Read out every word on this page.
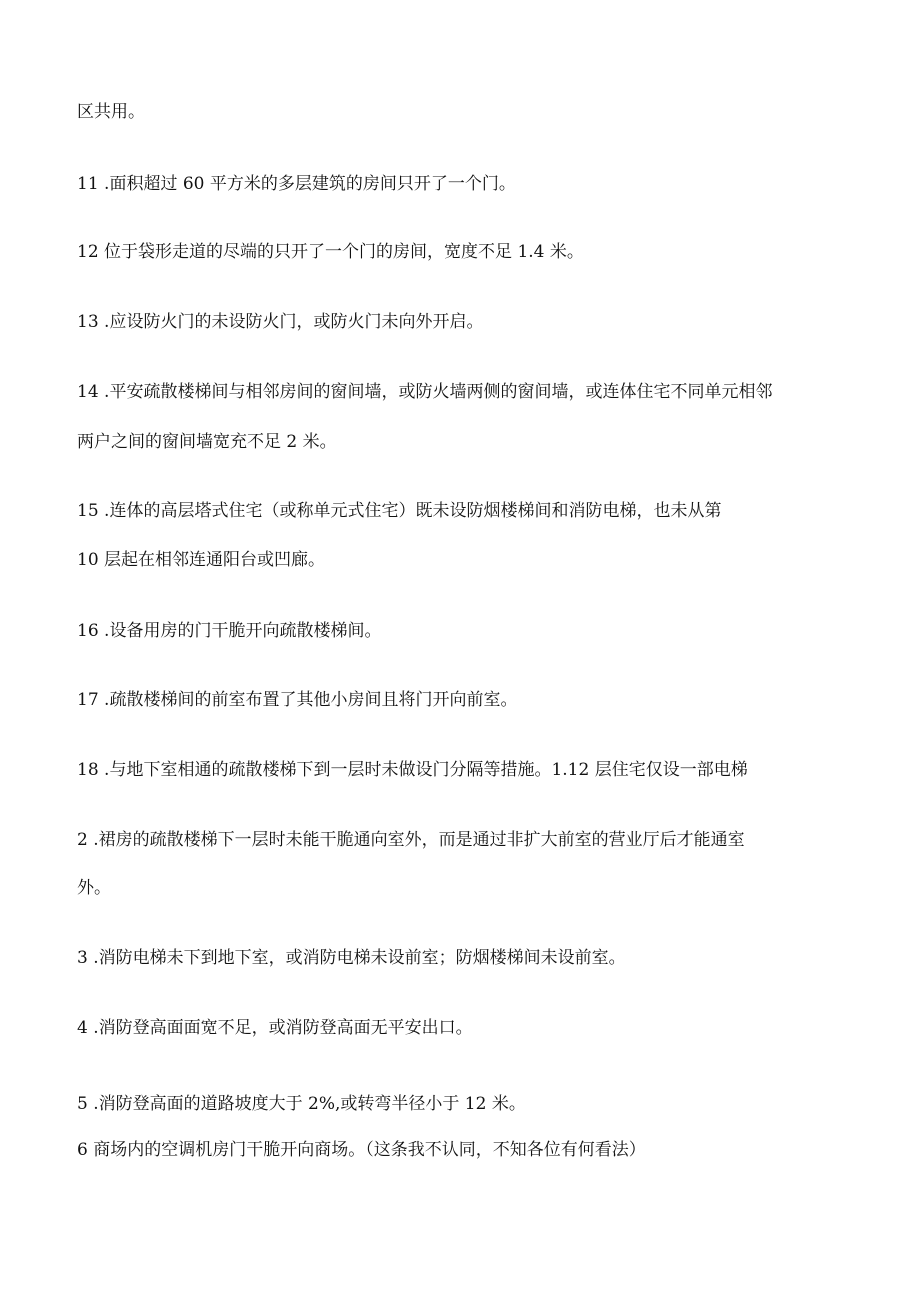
区共用。
11 .面积超过 60 平方米的多层建筑的房间只开了一个门。
12 位于袋形走道的尽端的只开了一个门的房间，宽度不足 1.4 米。
13 .应设防火门的未设防火门，或防火门未向外开启。
14 .平安疏散楼梯间与相邻房间的窗间墙，或防火墙两侧的窗间墙，或连体住宅不同单元相邻
两户之间的窗间墙宽充不足 2 米。
15 .连体的高层塔式住宅（或称单元式住宅）既未设防烟楼梯间和消防电梯，也未从第
10 层起在相邻连通阳台或凹廊。
16 .设备用房的门干脆开向疏散楼梯间。
17 .疏散楼梯间的前室布置了其他小房间且将门开向前室。
18 .与地下室相通的疏散楼梯下到一层时未做设门分隔等措施。1.12 层住宅仅设一部电梯
2 .裙房的疏散楼梯下一层时未能干脆通向室外，而是通过非扩大前室的营业厅后才能通室
外。
3 .消防电梯未下到地下室，或消防电梯未设前室；防烟楼梯间未设前室。
4 .消防登高面面宽不足，或消防登高面无平安出口。
5 .消防登高面的道路坡度大于 2%,或转弯半径小于 12 米。
6 商场内的空调机房门干脆开向商场。（这条我不认同，不知各位有何看法）
